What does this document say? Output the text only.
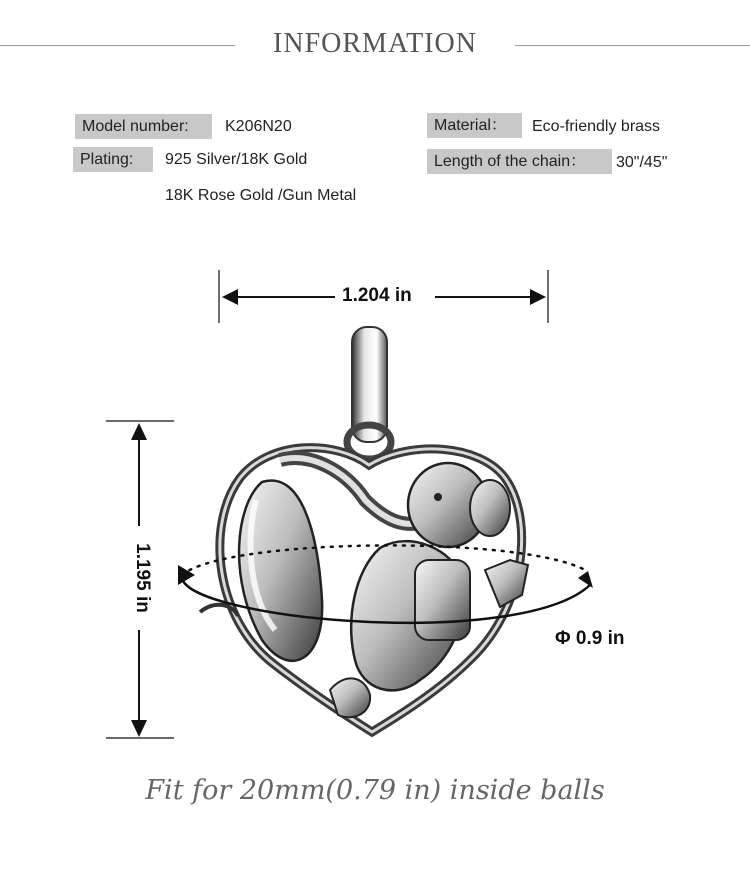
INFORMATION
Model number:	K206N20
Plating:	925 Silver/18K Gold
18K Rose Gold /Gun Metal
Material：	Eco-friendly brass
Length of the chain：	30"/45"
1.204 in
1.195 in
Φ 0.9 in
Fit for 20mm(0.79 in) inside balls
